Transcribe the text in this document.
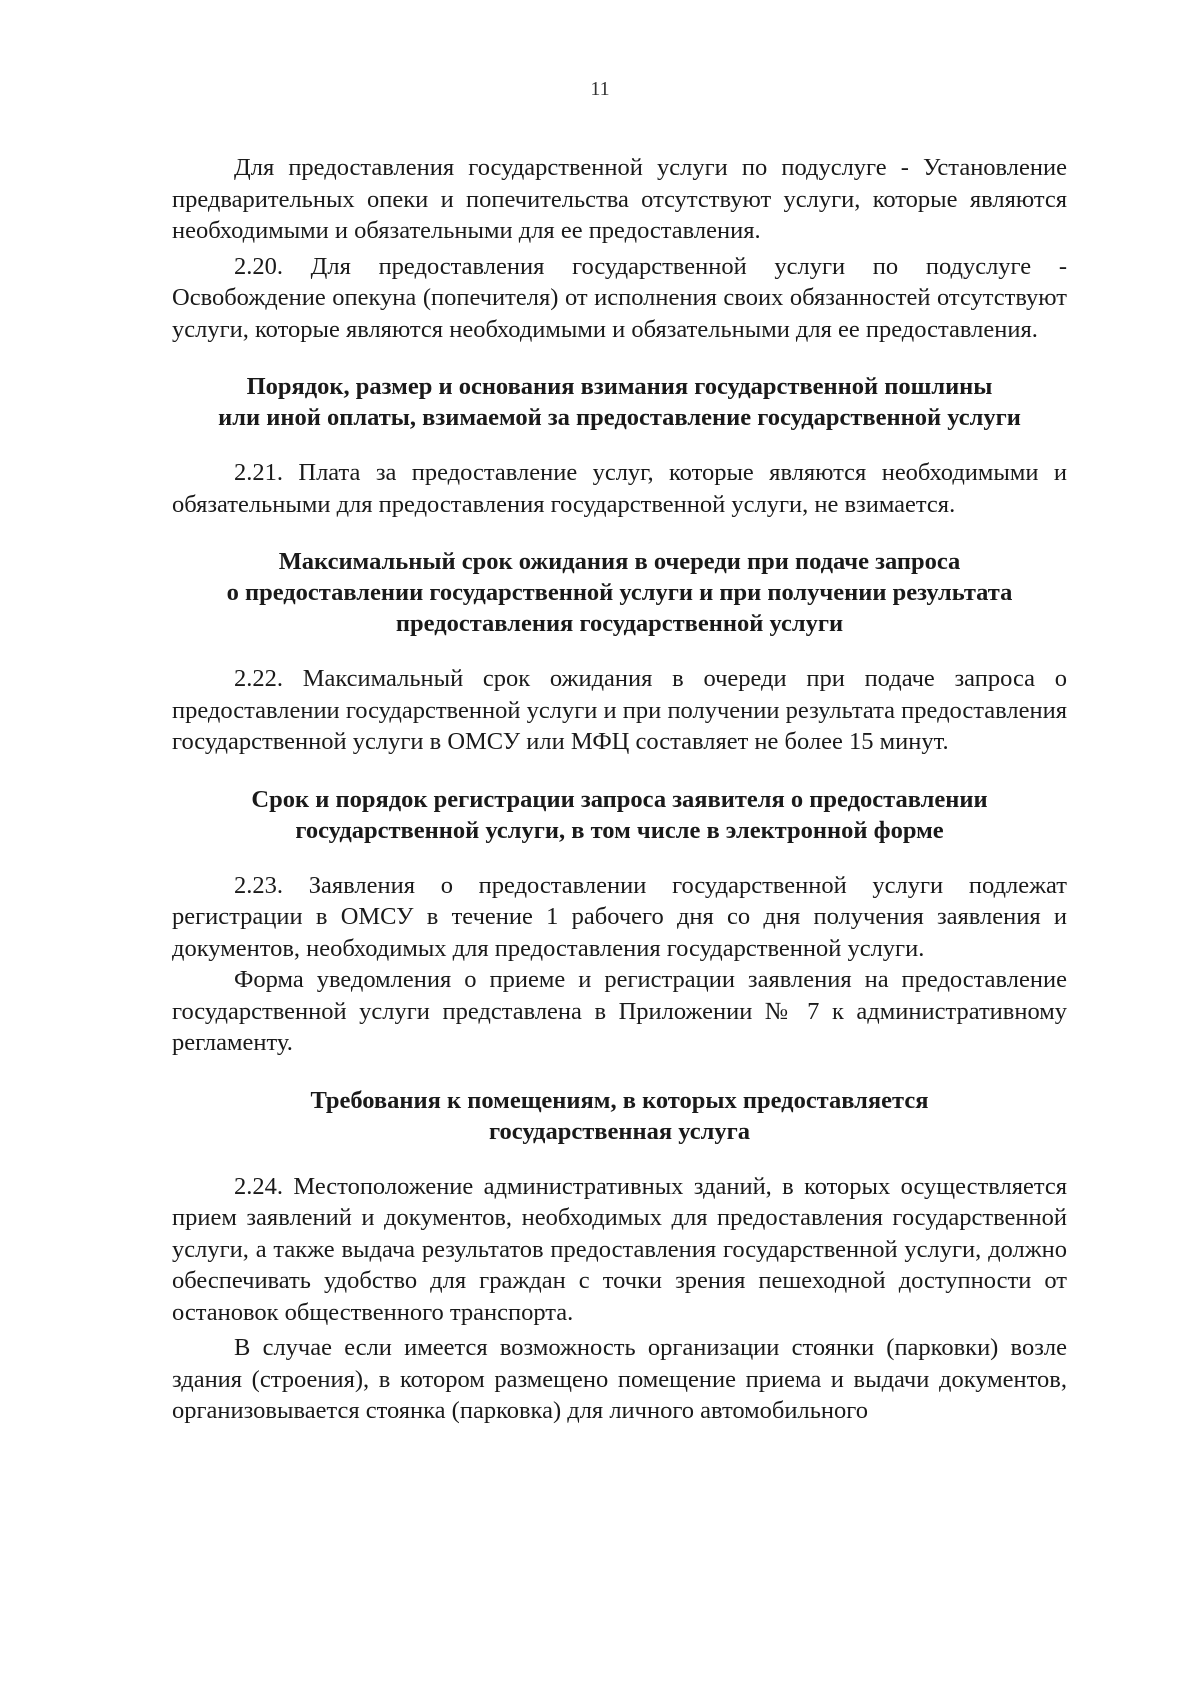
11

Для предоставления государственной услуги по подуслуге - Установление предварительных опеки и попечительства отсутствуют услуги, которые являются необходимыми и обязательными для ее предоставления.

2.20. Для предоставления государственной услуги по подуслуге - Освобождение опекуна (попечителя) от исполнения своих обязанностей отсутствуют услуги, которые являются необходимыми и обязательными для ее предоставления.

Порядок, размер и основания взимания государственной пошлины
или иной оплаты, взимаемой за предоставление государственной услуги

2.21. Плата за предоставление услуг, которые являются необходимыми и обязательными для предоставления государственной услуги, не взимается.

Максимальный срок ожидания в очереди при подаче запроса
о предоставлении государственной услуги и при получении результата
предоставления государственной услуги

2.22. Максимальный срок ожидания в очереди при подаче запроса о предоставлении государственной услуги и при получении результата предоставления государственной услуги в ОМСУ или МФЦ составляет не более 15 минут.

Срок и порядок регистрации запроса заявителя о предоставлении
государственной услуги, в том числе в электронной форме

2.23. Заявления о предоставлении государственной услуги подлежат регистрации в ОМСУ в течение 1 рабочего дня со дня получения заявления и документов, необходимых для предоставления государственной услуги.

Форма уведомления о приеме и регистрации заявления на предоставление государственной услуги представлена в Приложении № 7 к административному регламенту.

Требования к помещениям, в которых предоставляется
государственная услуга

2.24. Местоположение административных зданий, в которых осуществляется прием заявлений и документов, необходимых для предоставления государственной услуги, а также выдача результатов предоставления государственной услуги, должно обеспечивать удобство для граждан с точки зрения пешеходной доступности от остановок общественного транспорта.

В случае если имеется возможность организации стоянки (парковки) возле здания (строения), в котором размещено помещение приема и выдачи документов, организовывается стоянка (парковка) для личного автомобильного
